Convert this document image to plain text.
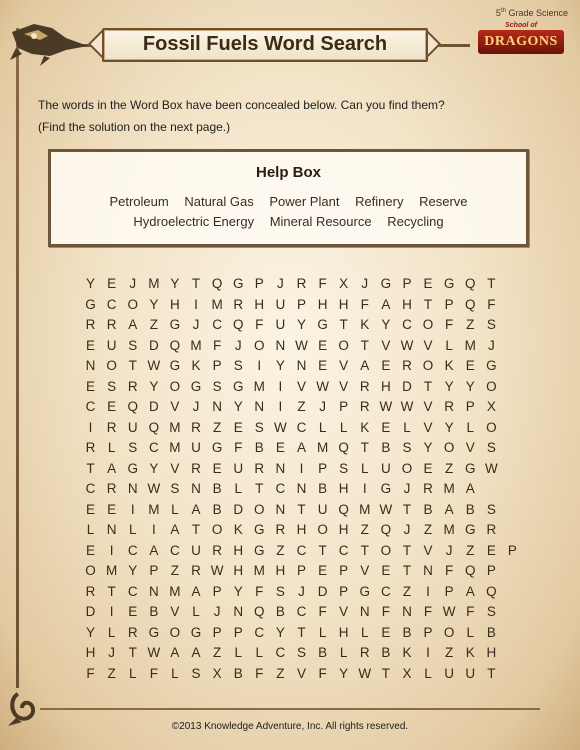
5th Grade Science
Fossil Fuels Word Search
School of
DRAGONS
The words in the Word Box have been concealed below. Can you find them?
(Find the solution on the next page.)
Help Box
Petroleum Natural Gas Power Plant Refinery Reserve
Hydroelectric Energy Mineral Resource Recycling
Y E J M Y T Q G P J R F X J G P E G Q T
G C O Y H I M R H U P H H F A H T P Q F
R R A Z G J C Q F U Y G T K Y C O F Z S
E U S D Q M F J O N W E O T V W V L M J
N O T W G K P S I Y N E V A E R O K E G
E S R Y O G S G M I V W V R H D T Y Y O
C E Q D V J N Y N I Z J P R W W V R P X
I R U Q M R Z E S W C L L K E L V Y L O
R L S C M U G F B E A M Q T B S Y O V S
T A G Y V R E U R N I P S L U O E Z G W
C R N W S N B L T C N B H I G J R M A
E E I M L A B D O N T U Q M W T B A B S
L N L I A T O K G R H O H Z Q J Z M G R
E I C A C U R H G Z C T C T O T V J Z E P
O M Y P Z R W H M H P E P V E T N F Q P
R T C N M A P Y F S J D P G C Z I P A Q
D I E B V L J N Q B C F V N F N F W F S
Y L R G O G P P C Y T L H L E B P O L B
H J T W A A Z L L C S B L R B K I Z K H
F Z L F L S X B F Z V F Y W T X L U U T
©2013 Knowledge Adventure, Inc. All rights reserved.
